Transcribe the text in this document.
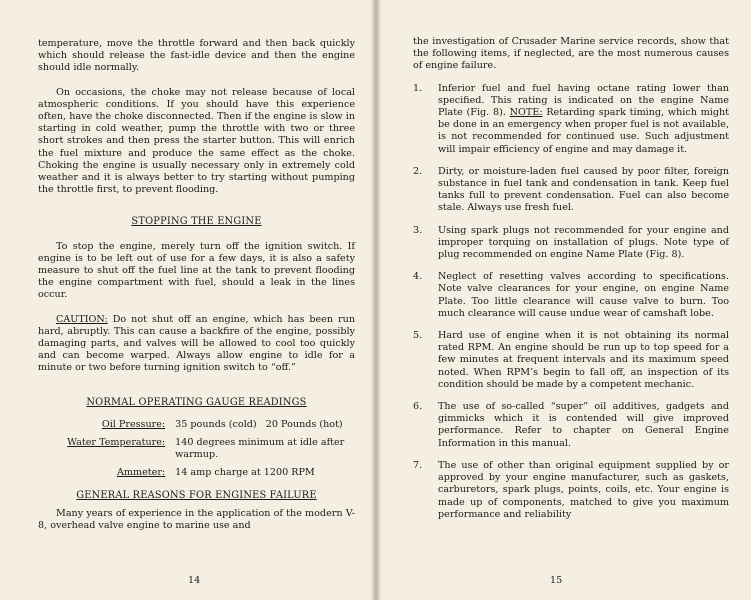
temperature, move the throttle forward and then back quickly which should release the fast-idle device and then the engine should idle normally.

On occasions, the choke may not release because of local atmospheric conditions. If you should have this experience often, have the choke disconnected. Then if the engine is slow in starting in cold weather, pump the throttle with two or three short strokes and then press the starter button. This will enrich the fuel mixture and produce the same effect as the choke. Choking the engine is usually necessary only in extremely cold weather and it is always better to try starting without pumping the throttle first, to prevent flooding.

STOPPING THE ENGINE

To stop the engine, merely turn off the ignition switch. If engine is to be left out of use for a few days, it is also a safety measure to shut off the fuel line at the tank to prevent flooding the engine compartment with fuel, should a leak in the lines occur.

CAUTION: Do not shut off an engine, which has been run hard, abruptly. This can cause a backfire of the engine, possibly damaging parts, and valves will be allowed to cool too quickly and can become warped. Always allow engine to idle for a minute or two before turning ignition switch to “off.”

NORMAL OPERATING GAUGE READINGS

Oil Pressure:	35 pounds (cold)   20 Pounds (hot)
Water Temperature:	140 degrees minimum at idle after warmup.
Ammeter:	14 amp charge at 1200 RPM

GENERAL REASONS FOR ENGINES FAILURE

Many years of experience in the application of the modern V-8, overhead valve engine to marine use and

14

the investigation of Crusader Marine service records, show that the following items, if neglected, are the most numerous causes of engine failure.

1. Inferior fuel and fuel having octane rating lower than specified. This rating is indicated on the engine Name Plate (Fig. 8). NOTE: Retarding spark timing, which might be done in an emergency when proper fuel is not available, is not recommended for continued use. Such adjustment will impair efficiency of engine and may damage it.

2. Dirty, or moisture-laden fuel caused by poor filter, foreign substance in fuel tank and condensation in tank. Keep fuel tanks full to prevent condensation. Fuel can also become stale. Always use fresh fuel.

3. Using spark plugs not recommended for your engine and improper torquing on installation of plugs. Note type of plug recommended on engine Name Plate (Fig. 8).

4. Neglect of resetting valves according to specifications. Note valve clearances for your engine, on engine Name Plate. Too little clearance will cause valve to burn. Too much clearance will cause undue wear of camshaft lobe.

5. Hard use of engine when it is not obtaining its normal rated RPM. An engine should be run up to top speed for a few minutes at frequent intervals and its maximum speed noted. When RPM’s begin to fall off, an inspection of its condition should be made by a competent mechanic.

6. The use of so-called “super” oil additives, gadgets and gimmicks which it is contended will give improved performance. Refer to chapter on General Engine Information in this manual.

7. The use of other than original equipment supplied by or approved by your engine manufacturer, such as gaskets, carburetors, spark plugs, points, coils, etc. Your engine is made up of components, matched to give you maximum performance and reliability

15
